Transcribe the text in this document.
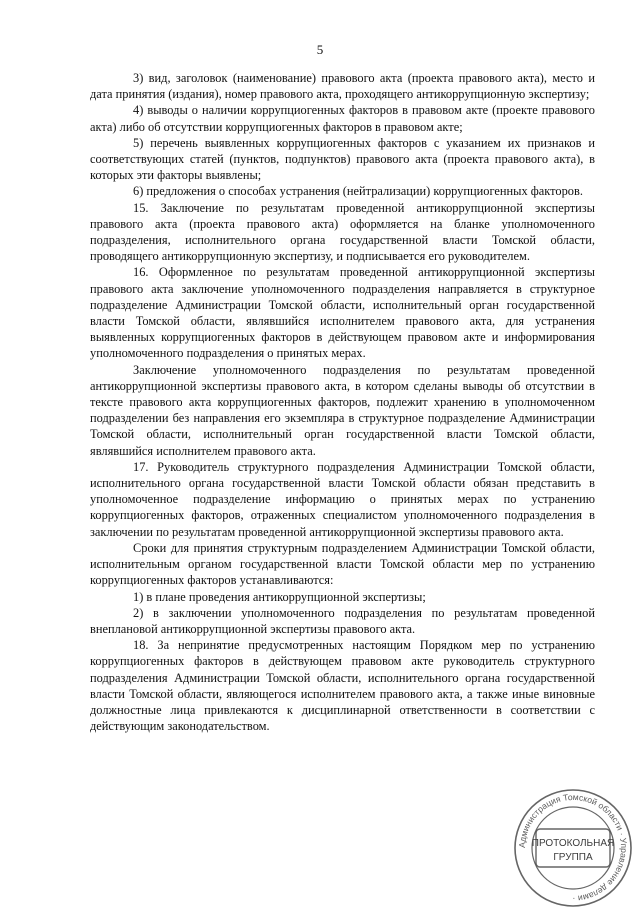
5

3) вид, заголовок (наименование) правового акта (проекта правового акта), место и дата принятия (издания), номер правового акта, проходящего антикоррупционную экспертизу;

4) выводы о наличии коррупциогенных факторов в правовом акте (проекте правового акта) либо об отсутствии коррупциогенных факторов в правовом акте;

5) перечень выявленных коррупциогенных факторов с указанием их признаков и соответствующих статей (пунктов, подпунктов) правового акта (проекта правового акта), в которых эти факторы выявлены;

6) предложения о способах устранения (нейтрализации) коррупциогенных факторов.

15. Заключение по результатам проведенной антикоррупционной экспертизы правового акта (проекта правового акта) оформляется на бланке уполномоченного подразделения, исполнительного органа государственной власти Томской области, проводящего антикоррупционную экспертизу, и подписывается его руководителем.

16. Оформленное по результатам проведенной антикоррупционной экспертизы правового акта заключение уполномоченного подразделения направляется в структурное подразделение Администрации Томской области, исполнительный орган государственной власти Томской области, являвшийся исполнителем правового акта, для устранения выявленных коррупциогенных факторов в действующем правовом акте и информирования уполномоченного подразделения о принятых мерах.

Заключение уполномоченного подразделения по результатам проведенной антикоррупционной экспертизы правового акта, в котором сделаны выводы об отсутствии в тексте правового акта коррупциогенных факторов, подлежит хранению в уполномоченном подразделении без направления его экземпляра в структурное подразделение Администрации Томской области, исполнительный орган государственной власти Томской области, являвшийся исполнителем правового акта.

17. Руководитель структурного подразделения Администрации Томской области, исполнительного органа государственной власти Томской области обязан представить в уполномоченное подразделение информацию о принятых мерах по устранению коррупциогенных факторов, отраженных специалистом уполномоченного подразделения в заключении по результатам проведенной антикоррупционной экспертизы правового акта.

Сроки для принятия структурным подразделением Администрации Томской области, исполнительным органом государственной власти Томской области мер по устранению коррупциогенных факторов устанавливаются:

1) в плане проведения антикоррупционной экспертизы;

2) в заключении уполномоченного подразделения по результатам проведенной внеплановой антикоррупционной экспертизы правового акта.

18. За непринятие предусмотренных настоящим Порядком мер по устранению коррупциогенных факторов в действующем правовом акте руководитель структурного подразделения Администрации Томской области, исполнительного органа государственной власти Томской области, являющегося исполнителем правового акта, а также иные виновные должностные лица привлекаются к дисциплинарной ответственности в соответствии с действующим законодательством.

Администрация Томской области · Управление делами ·
ПРОТОКОЛЬНАЯ
ГРУППА
